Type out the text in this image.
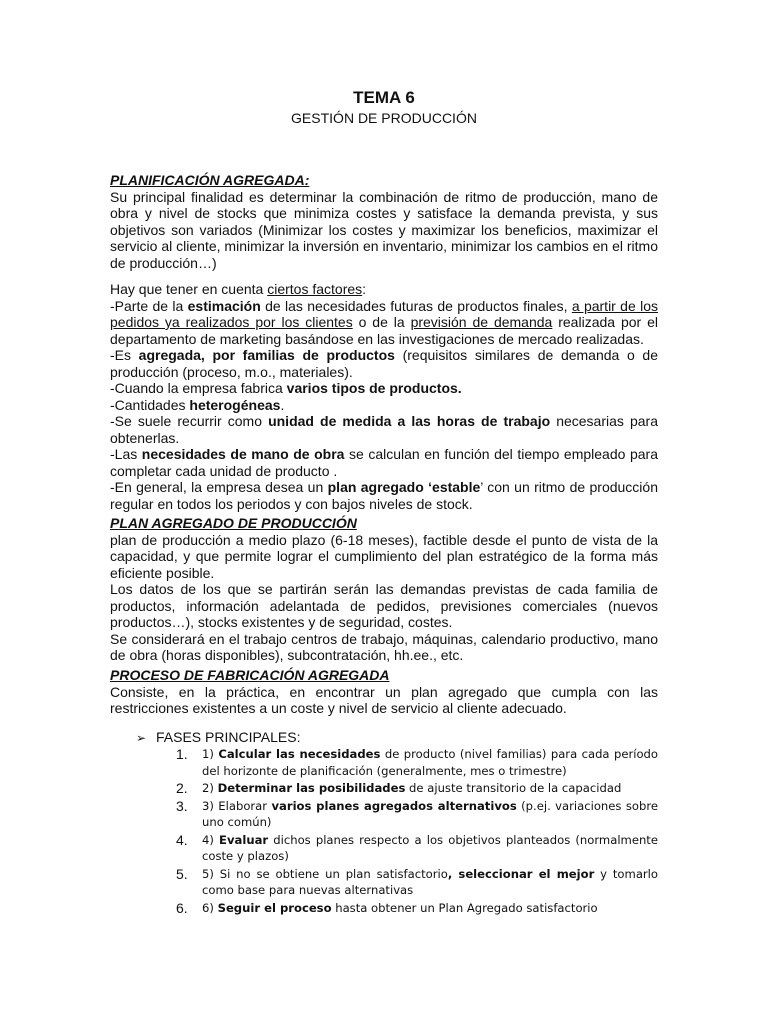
TEMA 6
GESTIÓN DE PRODUCCIÓN
PLANIFICACIÓN AGREGADA:
Su principal finalidad es determinar la combinación de ritmo de producción, mano de obra y nivel de stocks que minimiza costes y satisface la demanda prevista, y sus objetivos son variados (Minimizar los costes y maximizar los beneficios, maximizar el servicio al cliente, minimizar la inversión en inventario, minimizar los cambios en el ritmo de producción…)
Hay que tener en cuenta ciertos factores:
-Parte de la estimación de las necesidades futuras de productos finales, a partir de los pedidos ya realizados por los clientes o de la previsión de demanda realizada por el departamento de marketing basándose en las investigaciones de mercado realizadas.
-Es agregada, por familias de productos (requisitos similares de demanda o de producción (proceso, m.o., materiales).
-Cuando la empresa fabrica varios tipos de productos.
-Cantidades heterogéneas.
-Se suele recurrir como unidad de medida a las horas de trabajo necesarias para obtenerlas.
-Las necesidades de mano de obra se calculan en función del tiempo empleado para completar cada unidad de producto .
-En general, la empresa desea un plan agregado ‘estable’ con un ritmo de producción regular en todos los periodos y con bajos niveles de stock.
PLAN AGREGADO DE PRODUCCIÓN
plan de producción a medio plazo (6-18 meses), factible desde el punto de vista de la capacidad, y que permite lograr el cumplimiento del plan estratégico de la forma más eficiente posible.
Los datos de los que se partirán serán las demandas previstas de cada familia de productos, información adelantada de pedidos, previsiones comerciales (nuevos productos…), stocks existentes y de seguridad, costes.
Se considerará en el trabajo centros de trabajo, máquinas, calendario productivo, mano de obra (horas disponibles), subcontratación, hh.ee., etc.
PROCESO DE FABRICACIÓN AGREGADA
Consiste, en la práctica, en encontrar un plan agregado que cumpla con las restricciones existentes a un coste y nivel de servicio al cliente adecuado.
➢ FASES PRINCIPALES:
1.	1) Calcular las necesidades de producto (nivel familias) para cada período del horizonte de planificación (generalmente, mes o trimestre)
2.	2) Determinar las posibilidades de ajuste transitorio de la capacidad
3.	3) Elaborar varios planes agregados alternativos (p.ej. variaciones sobre uno común)
4.	4) Evaluar dichos planes respecto a los objetivos planteados (normalmente coste y plazos)
5.	5) Si no se obtiene un plan satisfactorio, seleccionar el mejor y tomarlo como base para nuevas alternativas
6.	6) Seguir el proceso hasta obtener un Plan Agregado satisfactorio
